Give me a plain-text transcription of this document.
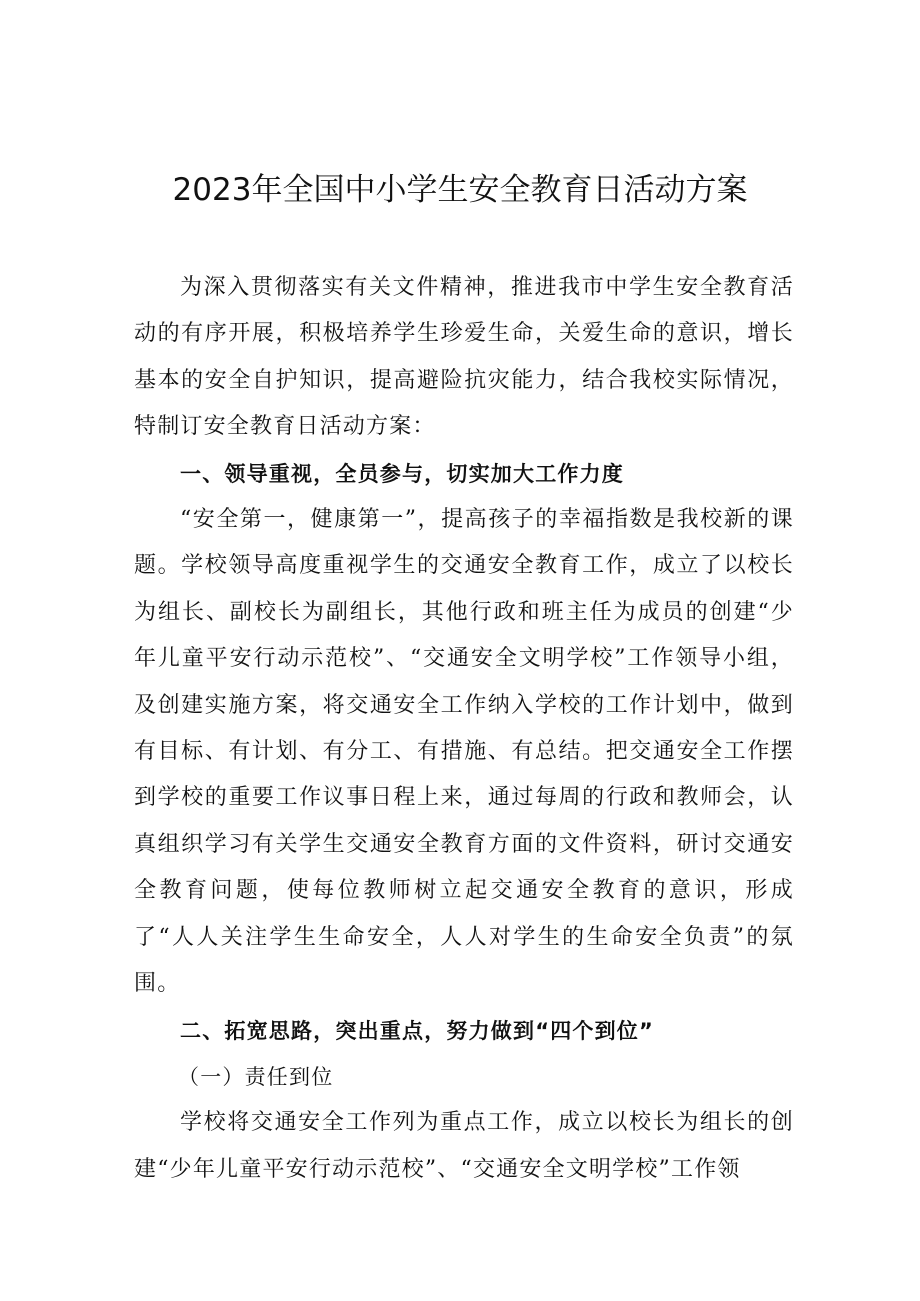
2023年全国中小学生安全教育日活动方案

为深入贯彻落实有关文件精神，推进我市中学生安全教育活动的有序开展，积极培养学生珍爱生命，关爱生命的意识，增长基本的安全自护知识，提高避险抗灾能力，结合我校实际情况，特制订安全教育日活动方案：

一、领导重视，全员参与，切实加大工作力度

“安全第一，健康第一”，提高孩子的幸福指数是我校新的课题。学校领导高度重视学生的交通安全教育工作，成立了以校长为组长、副校长为副组长，其他行政和班主任为成员的创建“少年儿童平安行动示范校”、“交通安全文明学校”工作领导小组，及创建实施方案，将交通安全工作纳入学校的工作计划中，做到有目标、有计划、有分工、有措施、有总结。把交通安全工作摆到学校的重要工作议事日程上来，通过每周的行政和教师会，认真组织学习有关学生交通安全教育方面的文件资料，研讨交通安全教育问题，使每位教师树立起交通安全教育的意识，形成了“人人关注学生生命安全，人人对学生的生命安全负责”的氛围。

二、拓宽思路，突出重点，努力做到“四个到位”

（一）责任到位

学校将交通安全工作列为重点工作，成立以校长为组长的创建“少年儿童平安行动示范校”、“交通安全文明学校”工作领
